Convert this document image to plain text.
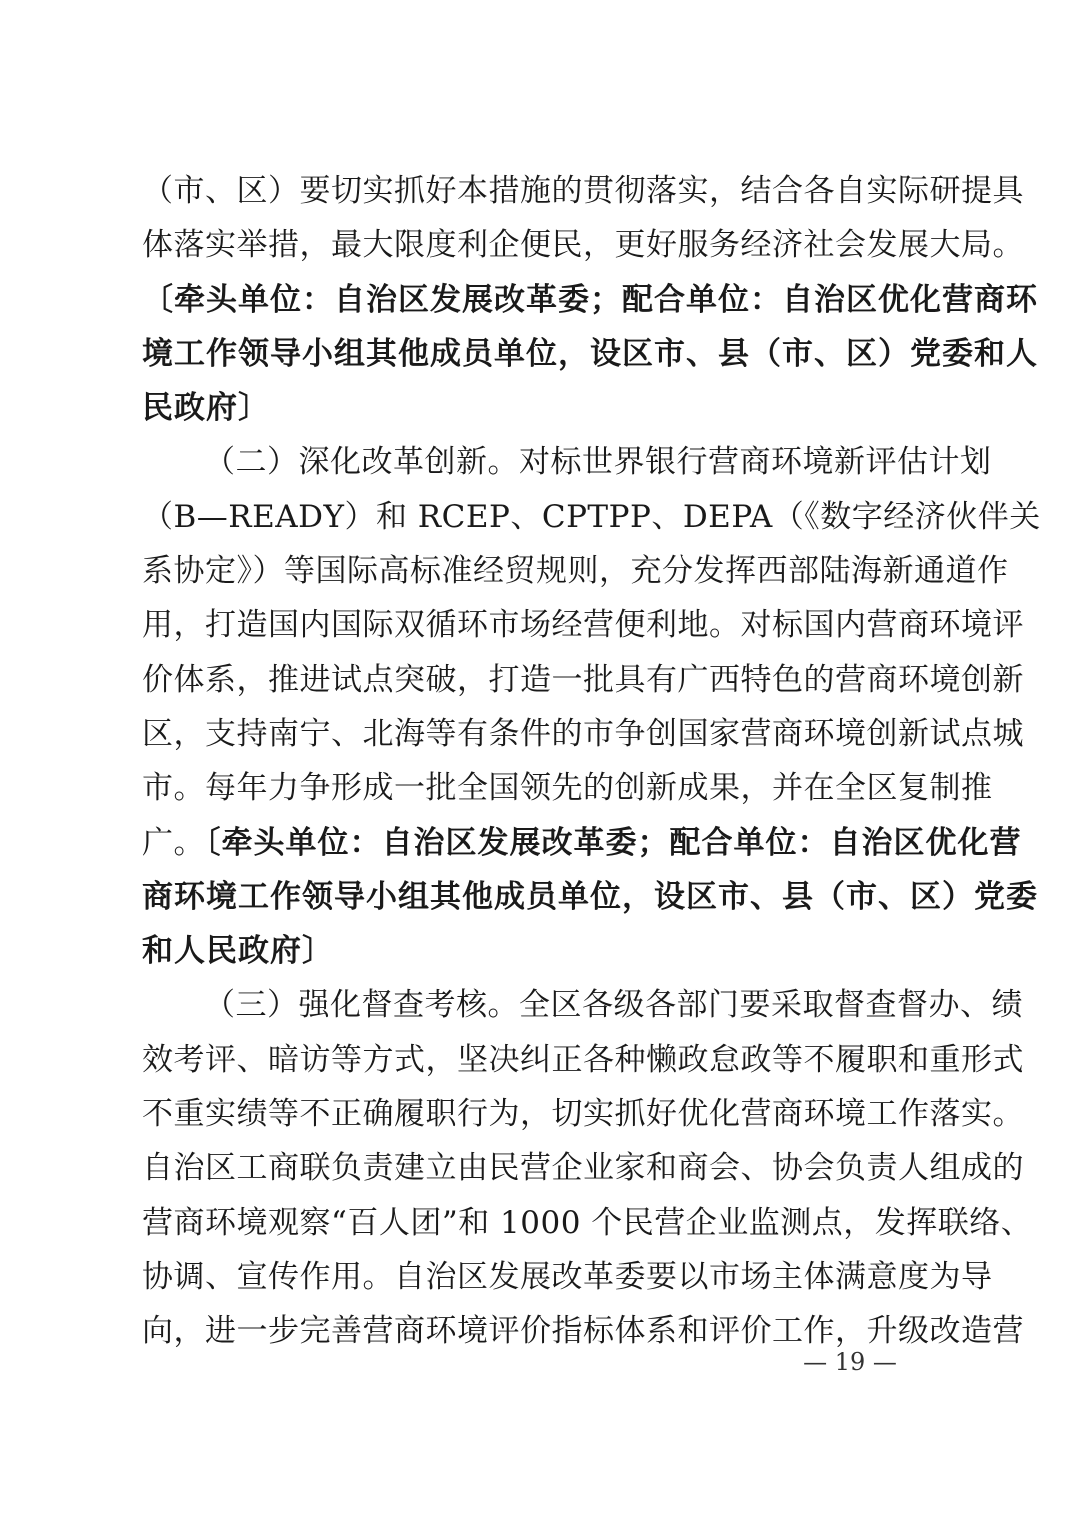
（市、区）要切实抓好本措施的贯彻落实，结合各自实际研提具
体落实举措，最大限度利企便民，更好服务经济社会发展大局。
〔牵头单位：自治区发展改革委；配合单位：自治区优化营商环
境工作领导小组其他成员单位，设区市、县（市、区）党委和人
民政府〕
（二）深化改革创新。对标世界银行营商环境新评估计划
（B—READY）和 RCEP、CPTPP、DEPA（《数字经济伙伴关
系协定》）等国际高标准经贸规则，充分发挥西部陆海新通道作
用，打造国内国际双循环市场经营便利地。对标国内营商环境评
价体系，推进试点突破，打造一批具有广西特色的营商环境创新
区，支持南宁、北海等有条件的市争创国家营商环境创新试点城
市。每年力争形成一批全国领先的创新成果，并在全区复制推
广。〔牵头单位：自治区发展改革委；配合单位：自治区优化营
商环境工作领导小组其他成员单位，设区市、县（市、区）党委
和人民政府〕
（三）强化督查考核。全区各级各部门要采取督查督办、绩
效考评、暗访等方式，坚决纠正各种懒政怠政等不履职和重形式
不重实绩等不正确履职行为，切实抓好优化营商环境工作落实。
自治区工商联负责建立由民营企业家和商会、协会负责人组成的
营商环境观察“百人团”和 1000 个民营企业监测点，发挥联络、
协调、宣传作用。自治区发展改革委要以市场主体满意度为导
向，进一步完善营商环境评价指标体系和评价工作，升级改造营
— 19 —
